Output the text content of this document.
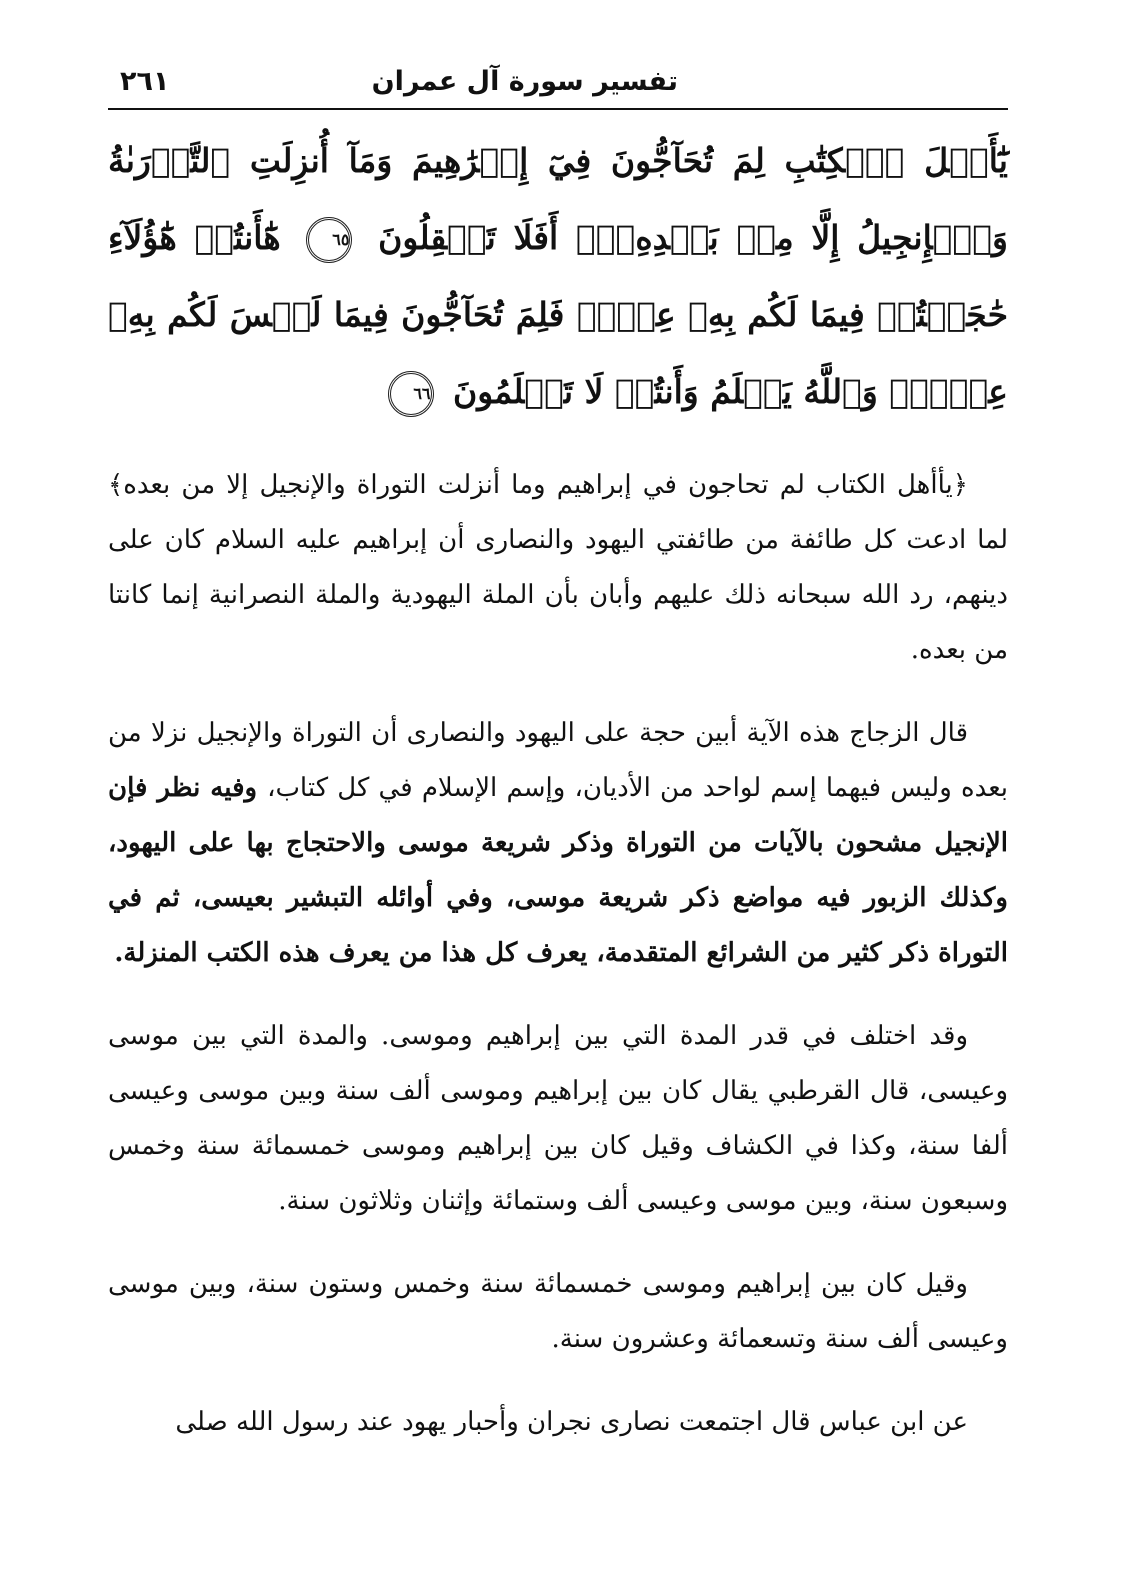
تفسير سورة آل عمران
٢٦١
يَٰٓأَهۡلَ ٱلۡكِتَٰبِ لِمَ تُحَآجُّونَ فِيٓ إِبۡرَٰهِيمَ وَمَآ أُنزِلَتِ ٱلتَّوۡرَىٰةُ وَٱلۡإِنجِيلُ إِلَّا مِنۢ بَعۡدِهِۦٓۚ أَفَلَا تَعۡقِلُونَ ٦٥ هَٰٓأَنتُمۡ هَٰٓؤُلَآءِ حَٰجَجۡتُمۡ فِيمَا لَكُم بِهِۦ عِلۡمٞ فَلِمَ تُحَآجُّونَ فِيمَا لَيۡسَ لَكُم بِهِۦ عِلۡمٞۚ وَٱللَّهُ يَعۡلَمُ وَأَنتُمۡ لَا تَعۡلَمُونَ ٦٦

﴿يأأهل الكتاب لم تحاجون في إبراهيم وما أنزلت التوراة والإنجيل إلا من بعده﴾ لما ادعت كل طائفة من طائفتي اليهود والنصارى أن إبراهيم عليه السلام كان على دينهم، رد الله سبحانه ذلك عليهم وأبان بأن الملة اليهودية والملة النصرانية إنما كانتا من بعده.

قال الزجاج هذه الآية أبين حجة على اليهود والنصارى أن التوراة والإنجيل نزلا من بعده وليس فيهما إسم لواحد من الأديان، وإسم الإسلام في كل كتاب، وفيه نظر فإن الإنجيل مشحون بالآيات من التوراة وذكر شريعة موسى والاحتجاج بها على اليهود، وكذلك الزبور فيه مواضع ذكر شريعة موسى، وفي أوائله التبشير بعيسى، ثم في التوراة ذكر كثير من الشرائع المتقدمة، يعرف كل هذا من يعرف هذه الكتب المنزلة.

وقد اختلف في قدر المدة التي بين إبراهيم وموسى. والمدة التي بين موسى وعيسى، قال القرطبي يقال كان بين إبراهيم وموسى ألف سنة وبين موسى وعيسى ألفا سنة، وكذا في الكشاف وقيل كان بين إبراهيم وموسى خمسمائة سنة وخمس وسبعون سنة، وبين موسى وعيسى ألف وستمائة وإثنان وثلاثون سنة.

وقيل كان بين إبراهيم وموسى خمسمائة سنة وخمس وستون سنة، وبين موسى وعيسى ألف سنة وتسعمائة وعشرون سنة.

عن ابن عباس قال اجتمعت نصارى نجران وأحبار يهود عند رسول الله صلى
